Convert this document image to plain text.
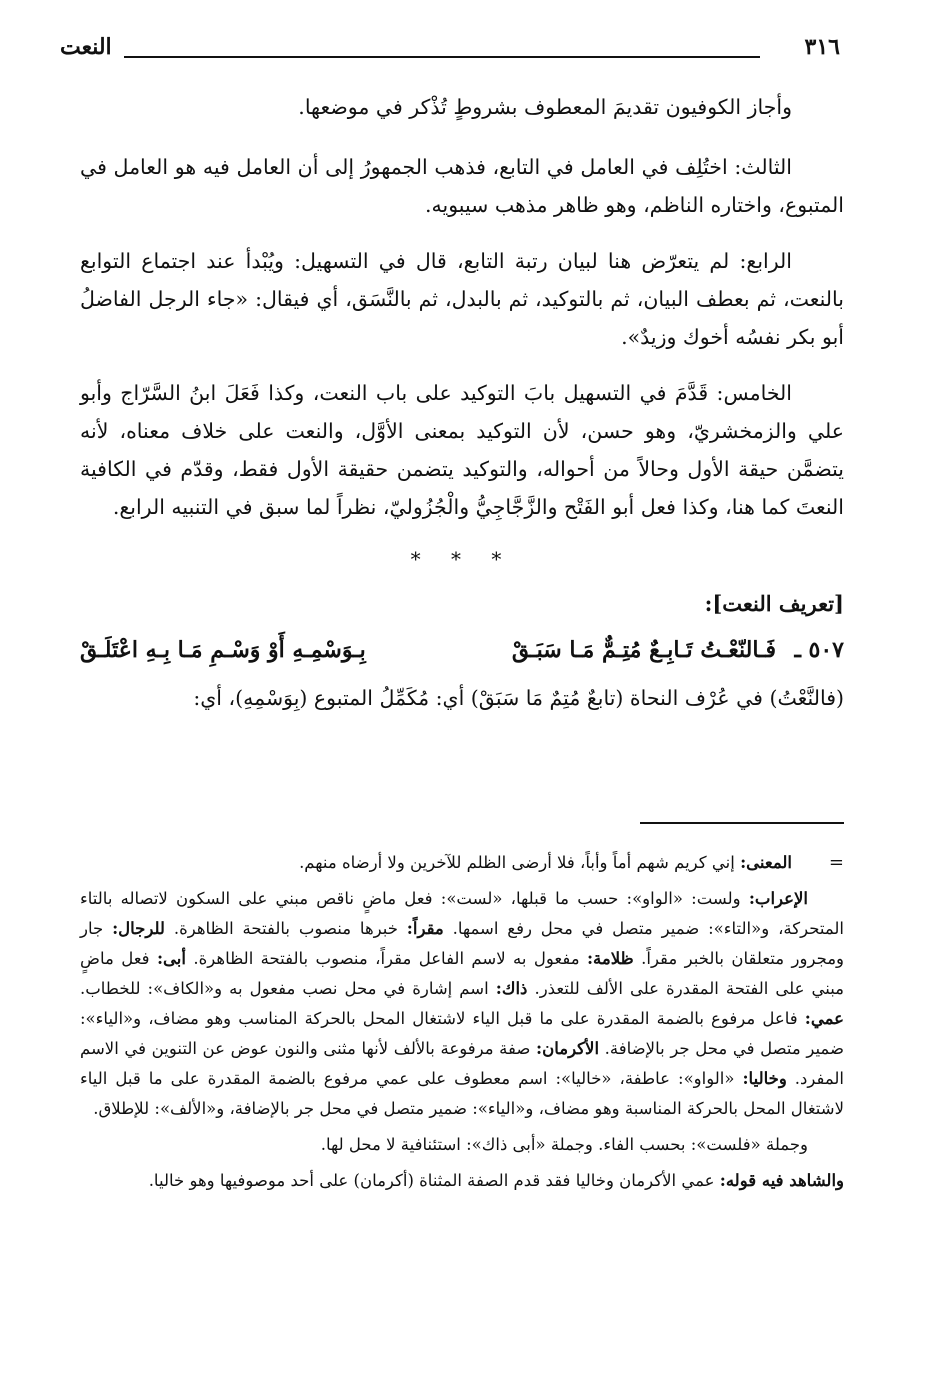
٣١٦
النعت

وأجاز الكوفيون تقديمَ المعطوف بشروطٍ تُذْكر في موضعها.

الثالث: اختُلِف في العامل في التابع، فذهب الجمهورُ إلى أن العامل فيه هو العامل في المتبوع، واختاره الناظم، وهو ظاهر مذهب سيبويه.

الرابع: لم يتعرّض هنا لبيان رتبة التابع، قال في التسهيل: ويُبْدأ عند اجتماع التوابع بالنعت، ثم بعطف البيان، ثم بالتوكيد، ثم بالبدل، ثم بالنَّسَق، أي فيقال: «جاء الرجل الفاضلُ أبو بكر نفسُه أخوك وزيدٌ».

الخامس: قَدَّمَ في التسهيل بابَ التوكيد على باب النعت، وكذا فَعَلَ ابنُ السَّرّاج وأبو علي والزمخشريّ، وهو حسن، لأن التوكيد بمعنى الأوَّل، والنعت على خلاف معناه، لأنه يتضمَّن حيقة الأول وحالاً من أحواله، والتوكيد يتضمن حقيقة الأول فقط، وقدّم في الكافية النعتَ كما هنا، وكذا فعل أبو الفَتْح والزَّجَّاجِيُّ والْجُزُوليّ، نظراً لما سبق في التنبيه الرابع.

* * *
[تعريف النعت]:
٥٠٧ ـ
فَـالنّعْـتُ تَـابِـعٌ مُتِـمٌّ مَـا سَبَـقْ
بِـوَسْمِـهِ أَوْ وَسْـمِ مَـا بِـهِ اعْتَلَـقْ

(فالنَّعْتُ) في عُرْف النحاة (تابعٌ مُتِمٌ مَا سَبَقْ) أي: مُكَمِّلُ المتبوع (بِوَسْمِهِ)، أي:

=
المعنى: إني كريم شهم أماً وأباً، فلا أرضى الظلم للآخرين ولا أرضاه منهم.

الإعراب: ولست: «الواو»: حسب ما قبلها، «لست»: فعل ماضٍ ناقص مبني على السكون لاتصاله بالتاء المتحركة، و«التاء»: ضمير متصل في محل رفع اسمها. مقراً: خبرها منصوب بالفتحة الظاهرة. للرجال: جار ومجرور متعلقان بالخبر مقراً. ظلامة: مفعول به لاسم الفاعل مقراً، منصوب بالفتحة الظاهرة. أبى: فعل ماضٍ مبني على الفتحة المقدرة على الألف للتعذر. ذاك: اسم إشارة في محل نصب مفعول به و«الكاف»: للخطاب. عمي: فاعل مرفوع بالضمة المقدرة على ما قبل الياء لاشتغال المحل بالحركة المناسب وهو مضاف، و«الياء»: ضمير متصل في محل جر بالإضافة. الأكرمان: صفة مرفوعة بالألف لأنها مثنى والنون عوض عن التنوين في الاسم المفرد. وخاليا: «الواو»: عاطفة، «خاليا»: اسم معطوف على عمي مرفوع بالضمة المقدرة على ما قبل الياء لاشتغال المحل بالحركة المناسبة وهو مضاف، و«الياء»: ضمير متصل في محل جر بالإضافة، و«الألف»: للإطلاق.

وجملة «فلست»: بحسب الفاء. وجملة «أبى ذاك»: استئنافية لا محل لها.

والشاهد فيه قوله: عمي الأكرمان وخاليا فقد قدم الصفة المثناة (أكرمان) على أحد موصوفيها وهو خاليا.
